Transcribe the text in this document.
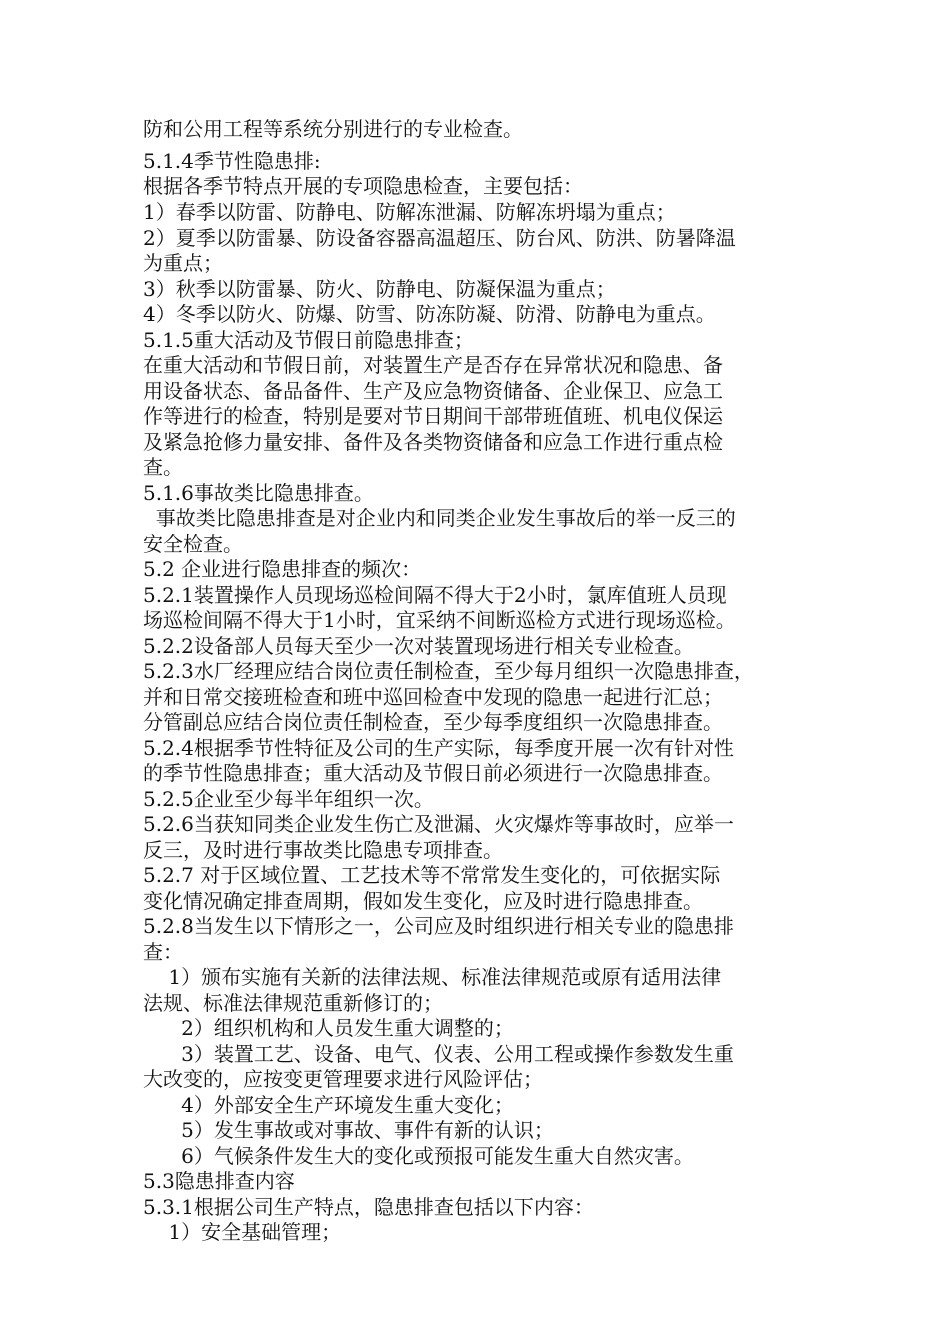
防和公用工程等系统分别进行的专业检查。
5.1.4季节性隐患排:
根据各季节特点开展的专项隐患检查，主要包括：
1）春季以防雷、防静电、防解冻泄漏、防解冻坍塌为重点；
2）夏季以防雷暴、防设备容器高温超压、防台风、防洪、防暑降温
为重点；
3）秋季以防雷暴、防火、防静电、防凝保温为重点；
4）冬季以防火、防爆、防雪、防冻防凝、防滑、防静电为重点。
5.1.5重大活动及节假日前隐患排查；
在重大活动和节假日前，对装置生产是否存在异常状况和隐患、备
用设备状态、备品备件、生产及应急物资储备、企业保卫、应急工
作等进行的检查，特别是要对节日期间干部带班值班、机电仪保运
及紧急抢修力量安排、备件及各类物资储备和应急工作进行重点检
查。
5.1.6事故类比隐患排查。
事故类比隐患排查是对企业内和同类企业发生事故后的举一反三的
安全检查。
5.2 企业进行隐患排查的频次：
5.2.1装置操作人员现场巡检间隔不得大于2小时，氯库值班人员现
场巡检间隔不得大于1小时，宜采纳不间断巡检方式进行现场巡检。
5.2.2设备部人员每天至少一次对装置现场进行相关专业检查。
5.2.3水厂经理应结合岗位责任制检查，至少每月组织一次隐患排查，
并和日常交接班检查和班中巡回检查中发现的隐患一起进行汇总；
分管副总应结合岗位责任制检查，至少每季度组织一次隐患排查。
5.2.4根据季节性特征及公司的生产实际，每季度开展一次有针对性
的季节性隐患排查；重大活动及节假日前必须进行一次隐患排查。
5.2.5企业至少每半年组织一次。
5.2.6当获知同类企业发生伤亡及泄漏、火灾爆炸等事故时，应举一
反三，及时进行事故类比隐患专项排查。
5.2.7 对于区域位置、工艺技术等不常常发生变化的，可依据实际
变化情况确定排查周期，假如发生变化，应及时进行隐患排查。
5.2.8当发生以下情形之一，公司应及时组织进行相关专业的隐患排
查：
1）颁布实施有关新的法律法规、标准法律规范或原有适用法律
法规、标准法律规范重新修订的；
2）组织机构和人员发生重大调整的；
3）装置工艺、设备、电气、仪表、公用工程或操作参数发生重
大改变的，应按变更管理要求进行风险评估；
4）外部安全生产环境发生重大变化；
5）发生事故或对事故、事件有新的认识；
6）气候条件发生大的变化或预报可能发生重大自然灾害。
5.3隐患排查内容
5.3.1根据公司生产特点，隐患排查包括以下内容：
1）安全基础管理；
